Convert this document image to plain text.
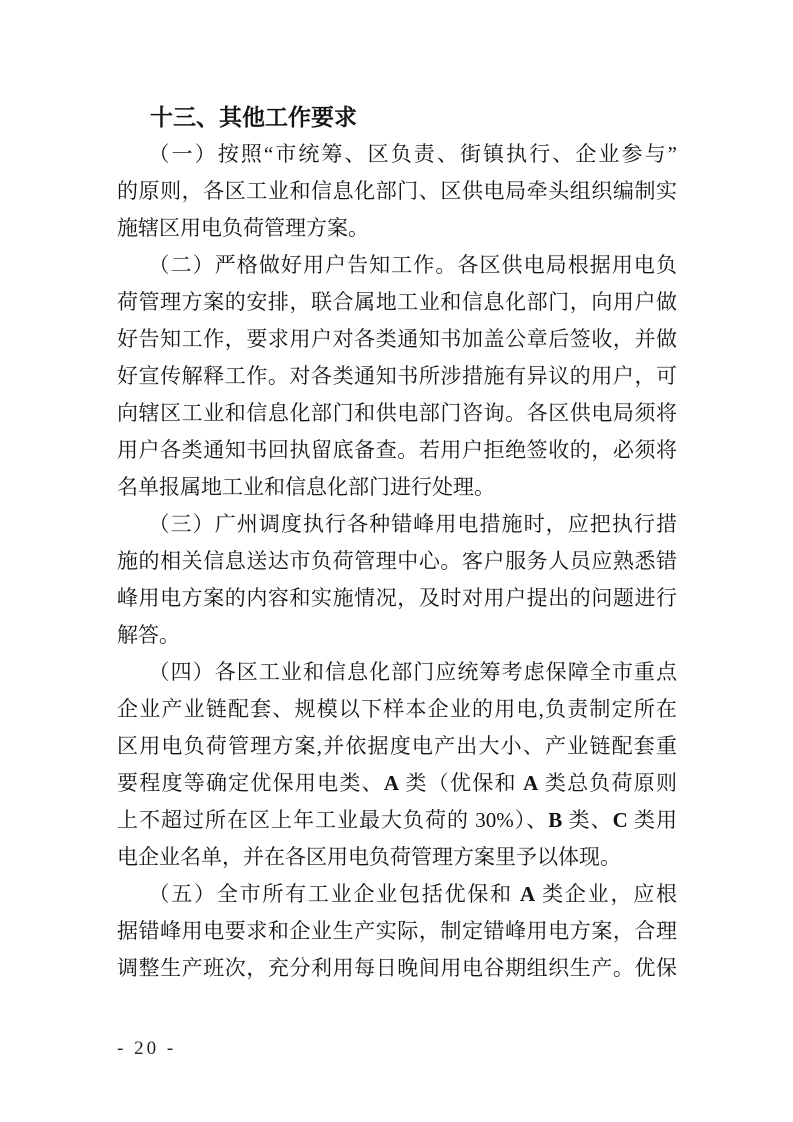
十三、其他工作要求
（一）按照“市统筹、区负责、街镇执行、企业参与”
的原则，各区工业和信息化部门、区供电局牵头组织编制实
施辖区用电负荷管理方案。
（二）严格做好用户告知工作。各区供电局根据用电负
荷管理方案的安排，联合属地工业和信息化部门，向用户做
好告知工作，要求用户对各类通知书加盖公章后签收，并做
好宣传解释工作。对各类通知书所涉措施有异议的用户，可
向辖区工业和信息化部门和供电部门咨询。各区供电局须将
用户各类通知书回执留底备查。若用户拒绝签收的，必须将
名单报属地工业和信息化部门进行处理。
（三）广州调度执行各种错峰用电措施时，应把执行措
施的相关信息送达市负荷管理中心。客户服务人员应熟悉错
峰用电方案的内容和实施情况，及时对用户提出的问题进行
解答。
（四）各区工业和信息化部门应统筹考虑保障全市重点
企业产业链配套、规模以下样本企业的用电,负责制定所在
区用电负荷管理方案,并依据度电产出大小、产业链配套重
要程度等确定优保用电类、A 类（优保和 A 类总负荷原则
上不超过所在区上年工业最大负荷的 30%）、B 类、C 类用
电企业名单，并在各区用电负荷管理方案里予以体现。
（五）全市所有工业企业包括优保和 A 类企业，应根
据错峰用电要求和企业生产实际，制定错峰用电方案，合理
调整生产班次，充分利用每日晚间用电谷期组织生产。优保
- 20 -
